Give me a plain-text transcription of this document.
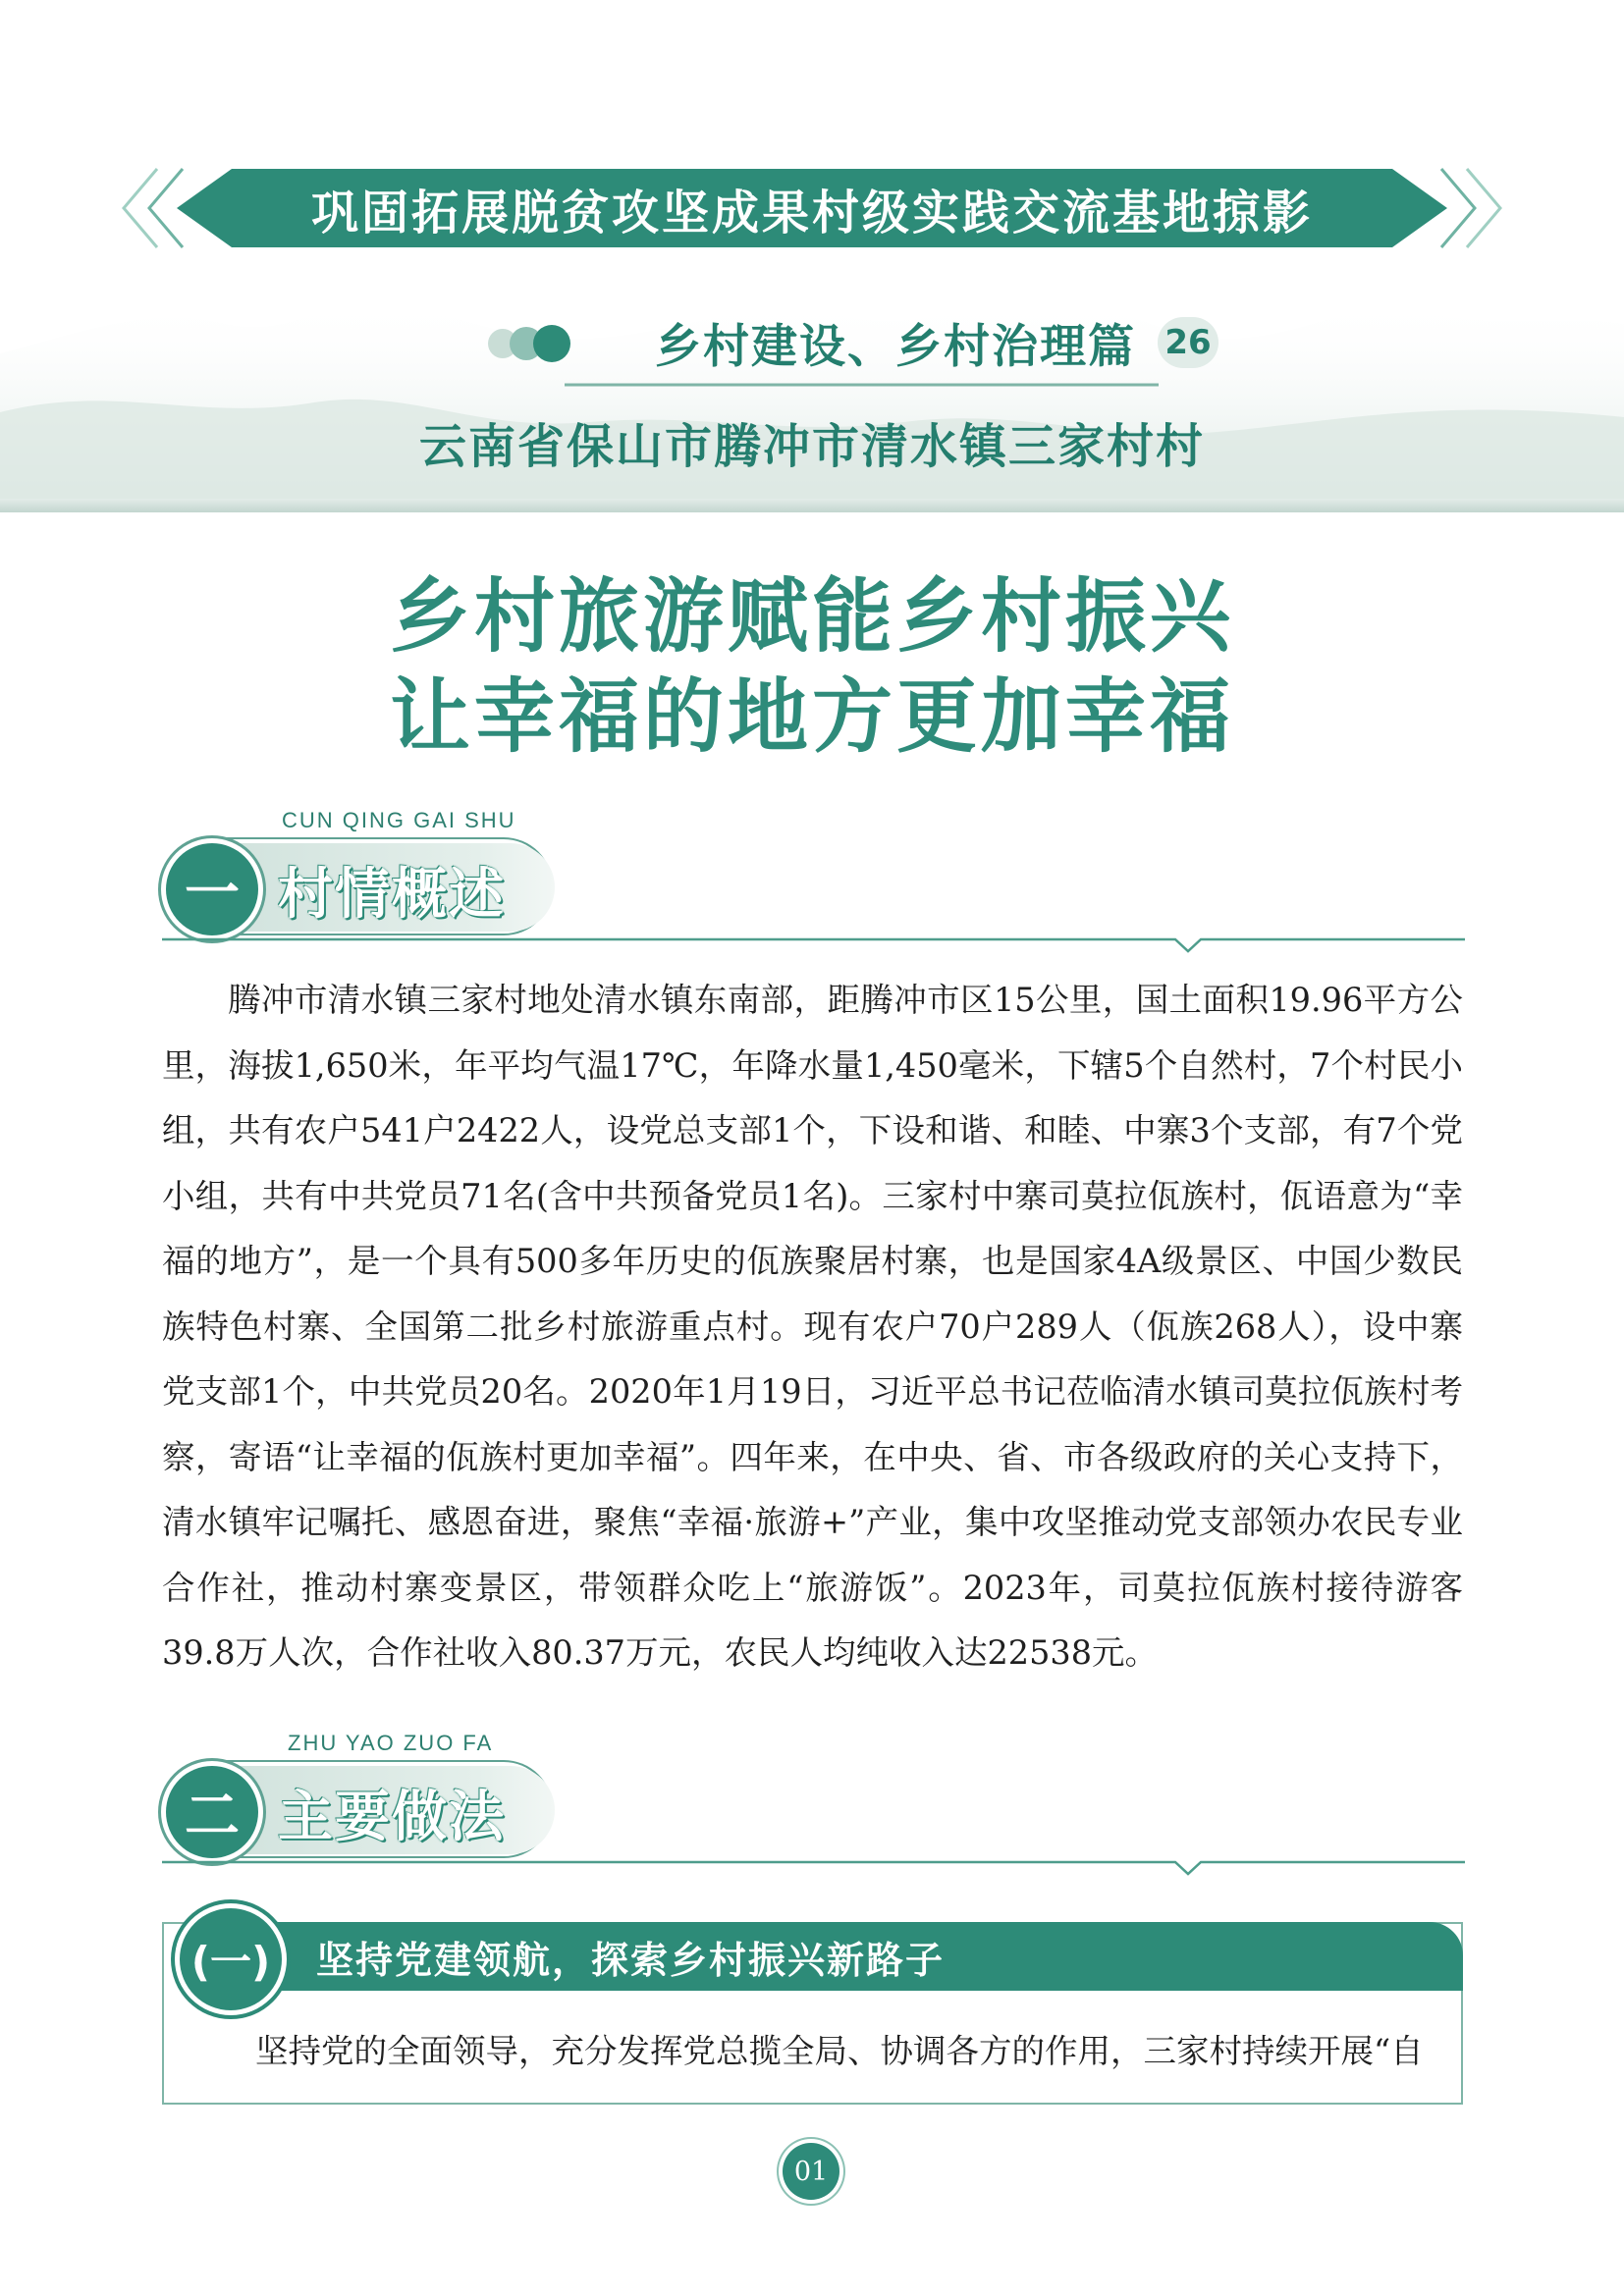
巩固拓展脱贫攻坚成果村级实践交流基地掠影
乡村建设、乡村治理篇 26
云南省保山市腾冲市清水镇三家村村
乡村旅游赋能乡村振兴
让幸福的地方更加幸福
CUN QING GAI SHU
一 村情概述
腾冲市清水镇三家村地处清水镇东南部，距腾冲市区15公里，国土面积19.96平方公里，海拔1,650米，年平均气温17℃，年降水量1,450毫米，下辖5个自然村，7个村民小组，共有农户541户2422人，设党总支部1个，下设和谐、和睦、中寨3个支部，有7个党小组，共有中共党员71名(含中共预备党员1名)。三家村中寨司莫拉佤族村，佤语意为“幸福的地方”，是一个具有500多年历史的佤族聚居村寨，也是国家4A级景区、中国少数民族特色村寨、全国第二批乡村旅游重点村。现有农户70户289人（佤族268人），设中寨党支部1个，中共党员20名。2020年1月19日，习近平总书记莅临清水镇司莫拉佤族村考察，寄语“让幸福的佤族村更加幸福”。四年来，在中央、省、市各级政府的关心支持下，清水镇牢记嘱托、感恩奋进，聚焦“幸福·旅游+”产业，集中攻坚推动党支部领办农民专业合作社，推动村寨变景区，带领群众吃上“旅游饭”。2023年，司莫拉佤族村接待游客39.8万人次，合作社收入80.37万元，农民人均纯收入达22538元。
ZHU YAO ZUO FA
二 主要做法
(一)	坚持党建领航，探索乡村振兴新路子
坚持党的全面领导，充分发挥党总揽全局、协调各方的作用，三家村持续开展“自
01
